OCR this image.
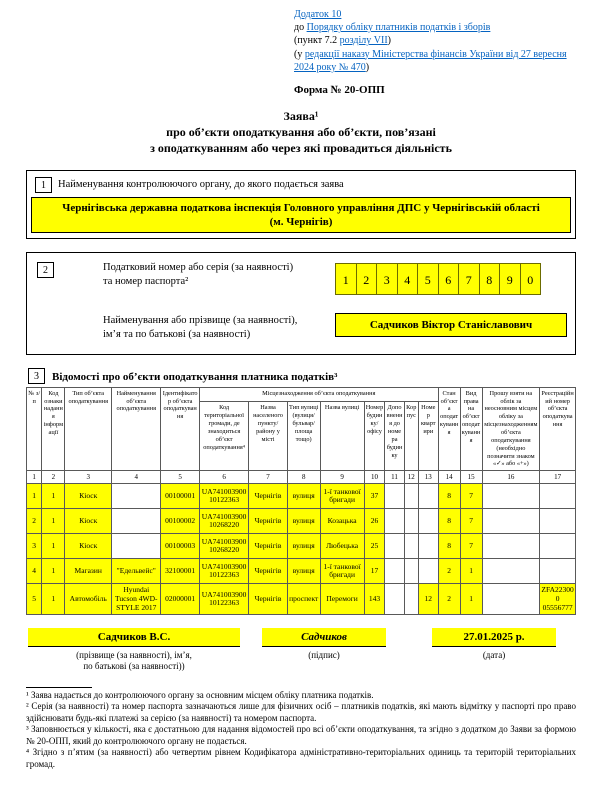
Додаток 10
до Порядку обліку платників податків і зборів
(пункт 7.2 розділу VII)
(у редакції наказу Міністерства фінансів України від 27 вересня 2024 року № 470)
Форма № 20-ОПП
Заява¹
про об’єкти оподаткування або об’єкти, пов’язані
з оподаткуванням або через які провадиться діяльність
1	Найменування контролюючого органу, до якого подається заява
Чернігівська державна податкова інспекція Головного управління ДПС у Чернігівській області
(м. Чернігів)
2	Податковий номер або серія (за наявності)
та номер паспорта²
Найменування або прізвище (за наявності),
ім’я та по батькові (за наявності)
1	2	3	4	5	6	7	8	9	0
Садчиков Віктор Станіславович
3	Відомості про об’єкти оподаткування платника податків³
№ з/п	Код ознаки надання інформації	Тип об’єкта оподаткування	Найменування об’єкта оподаткування	Ідентифікатор об’єкта оподаткування	Місцезнаходження об’єкта оподаткування								Стан об’єкта оподаткування	Вид права на об’єкт оподаткування	Прошу взяти на облік за неосновним місцем обліку за місцезнаходженням об’єкта оподаткування (необхідно позначити знаком «✓» або «+»)	Реєстраційний номер об’єкта оподаткування
					Код територіальної громади, де знаходиться об’єкт оподаткування⁴	Назва населеного пункту/ району у місті	Тип вулиці (вулиця/ бульвар/ площа тощо)	Назва вулиці	Номер будинку/офісу	Доповнення до номера будинку	Корпус	Номер квартири				
1	2	3	4	5	6	7	8	9	10	11	12	13	14	15	16	17
1	1	Кіоск		00100001	UA741003900 10122363	Чернігів	вулиця	1-ї танкової бригади	37				8	7		
2	1	Кіоск		00100002	UA741003900 10268220	Чернігів	вулиця	Козацька	26				8	7		
3	1	Кіоск		00100003	UA741003900 10268220	Чернігів	вулиця	Любецька	25				8	7		
4	1	Магазин	"Едельвейс"	32100001	UA741003900 10122363	Чернігів	вулиця	1-ї танкової бригади	17				2	1		
5	1	Автомобіль	Hyundai Tucson 4WD-STYLE 2017	02000001	UA741003900 10122363	Чернігів	проспект	Перемоги	143			12	2	1		ZFA223000 05556777
Садчиков В.С.
(прізвище (за наявності), ім’я,
по батькові (за наявності))
Садчиков
(підпис)
27.01.2025 р.
(дата)
¹ Заява надається до контролюючого органу за основним місцем обліку платника податків.
² Серія (за наявності) та номер паспорта зазначаються лише для фізичних осіб – платників податків, які мають відмітку у паспорті про право здійснювати будь-які платежі за серією (за наявності) та номером паспорта.
³ Заповнюється у кількості, яка є достатньою для надання відомостей про всі об’єкти оподаткування, та згідно з додатком до Заяви за формою № 20-ОПП, який до контролюючого органу не подається.
⁴ Згідно з п’ятим (за наявності) або четвертим рівнем Кодифікатора адміністративно-територіальних одиниць та територій територіальних громад.
